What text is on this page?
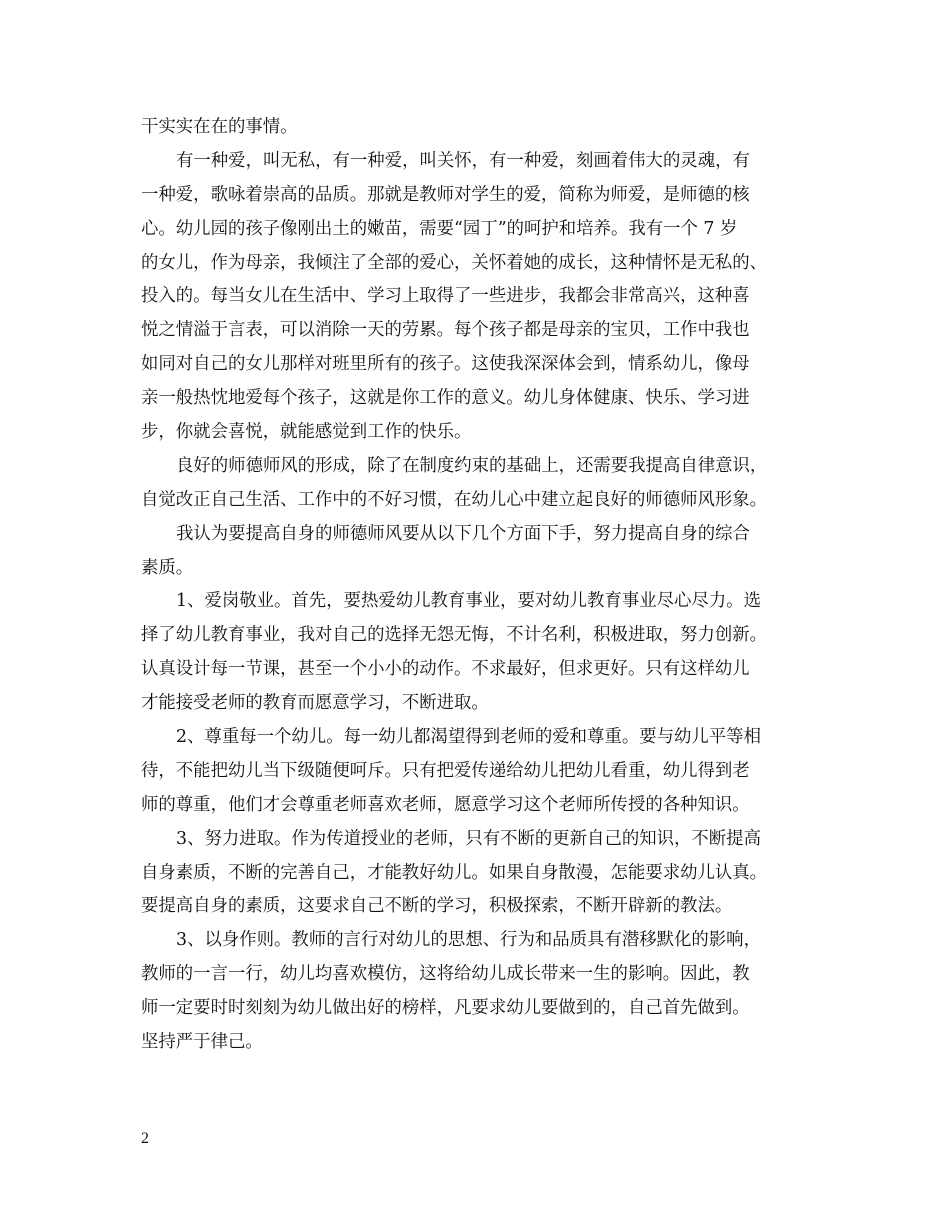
干实实在在的事情。
有一种爱，叫无私，有一种爱，叫关怀，有一种爱，刻画着伟大的灵魂，有
一种爱，歌咏着崇高的品质。那就是教师对学生的爱，简称为师爱，是师德的核
心。幼儿园的孩子像刚出土的嫩苗，需要“园丁”的呵护和培养。我有一个 7 岁
的女儿，作为母亲，我倾注了全部的爱心，关怀着她的成长，这种情怀是无私的、
投入的。每当女儿在生活中、学习上取得了一些进步，我都会非常高兴，这种喜
悦之情溢于言表，可以消除一天的劳累。每个孩子都是母亲的宝贝，工作中我也
如同对自己的女儿那样对班里所有的孩子。这使我深深体会到，情系幼儿，像母
亲一般热忱地爱每个孩子，这就是你工作的意义。幼儿身体健康、快乐、学习进
步，你就会喜悦，就能感觉到工作的快乐。
良好的师德师风的形成，除了在制度约束的基础上，还需要我提高自律意识，
自觉改正自己生活、工作中的不好习惯，在幼儿心中建立起良好的师德师风形象。
我认为要提高自身的师德师风要从以下几个方面下手，努力提高自身的综合
素质。
1、爱岗敬业。首先，要热爱幼儿教育事业，要对幼儿教育事业尽心尽力。选
择了幼儿教育事业，我对自己的选择无怨无悔，不计名利，积极进取，努力创新。
认真设计每一节课，甚至一个小小的动作。不求最好，但求更好。只有这样幼儿
才能接受老师的教育而愿意学习，不断进取。
2、尊重每一个幼儿。每一幼儿都渴望得到老师的爱和尊重。要与幼儿平等相
待，不能把幼儿当下级随便呵斥。只有把爱传递给幼儿把幼儿看重，幼儿得到老
师的尊重，他们才会尊重老师喜欢老师，愿意学习这个老师所传授的各种知识。
3、努力进取。作为传道授业的老师，只有不断的更新自己的知识，不断提高
自身素质，不断的完善自己，才能教好幼儿。如果自身散漫，怎能要求幼儿认真。
要提高自身的素质，这要求自己不断的学习，积极探索，不断开辟新的教法。
3、以身作则。教师的言行对幼儿的思想、行为和品质具有潜移默化的影响，
教师的一言一行，幼儿均喜欢模仿，这将给幼儿成长带来一生的影响。因此，教
师一定要时时刻刻为幼儿做出好的榜样，凡要求幼儿要做到的，自己首先做到。
坚持严于律己。
2
